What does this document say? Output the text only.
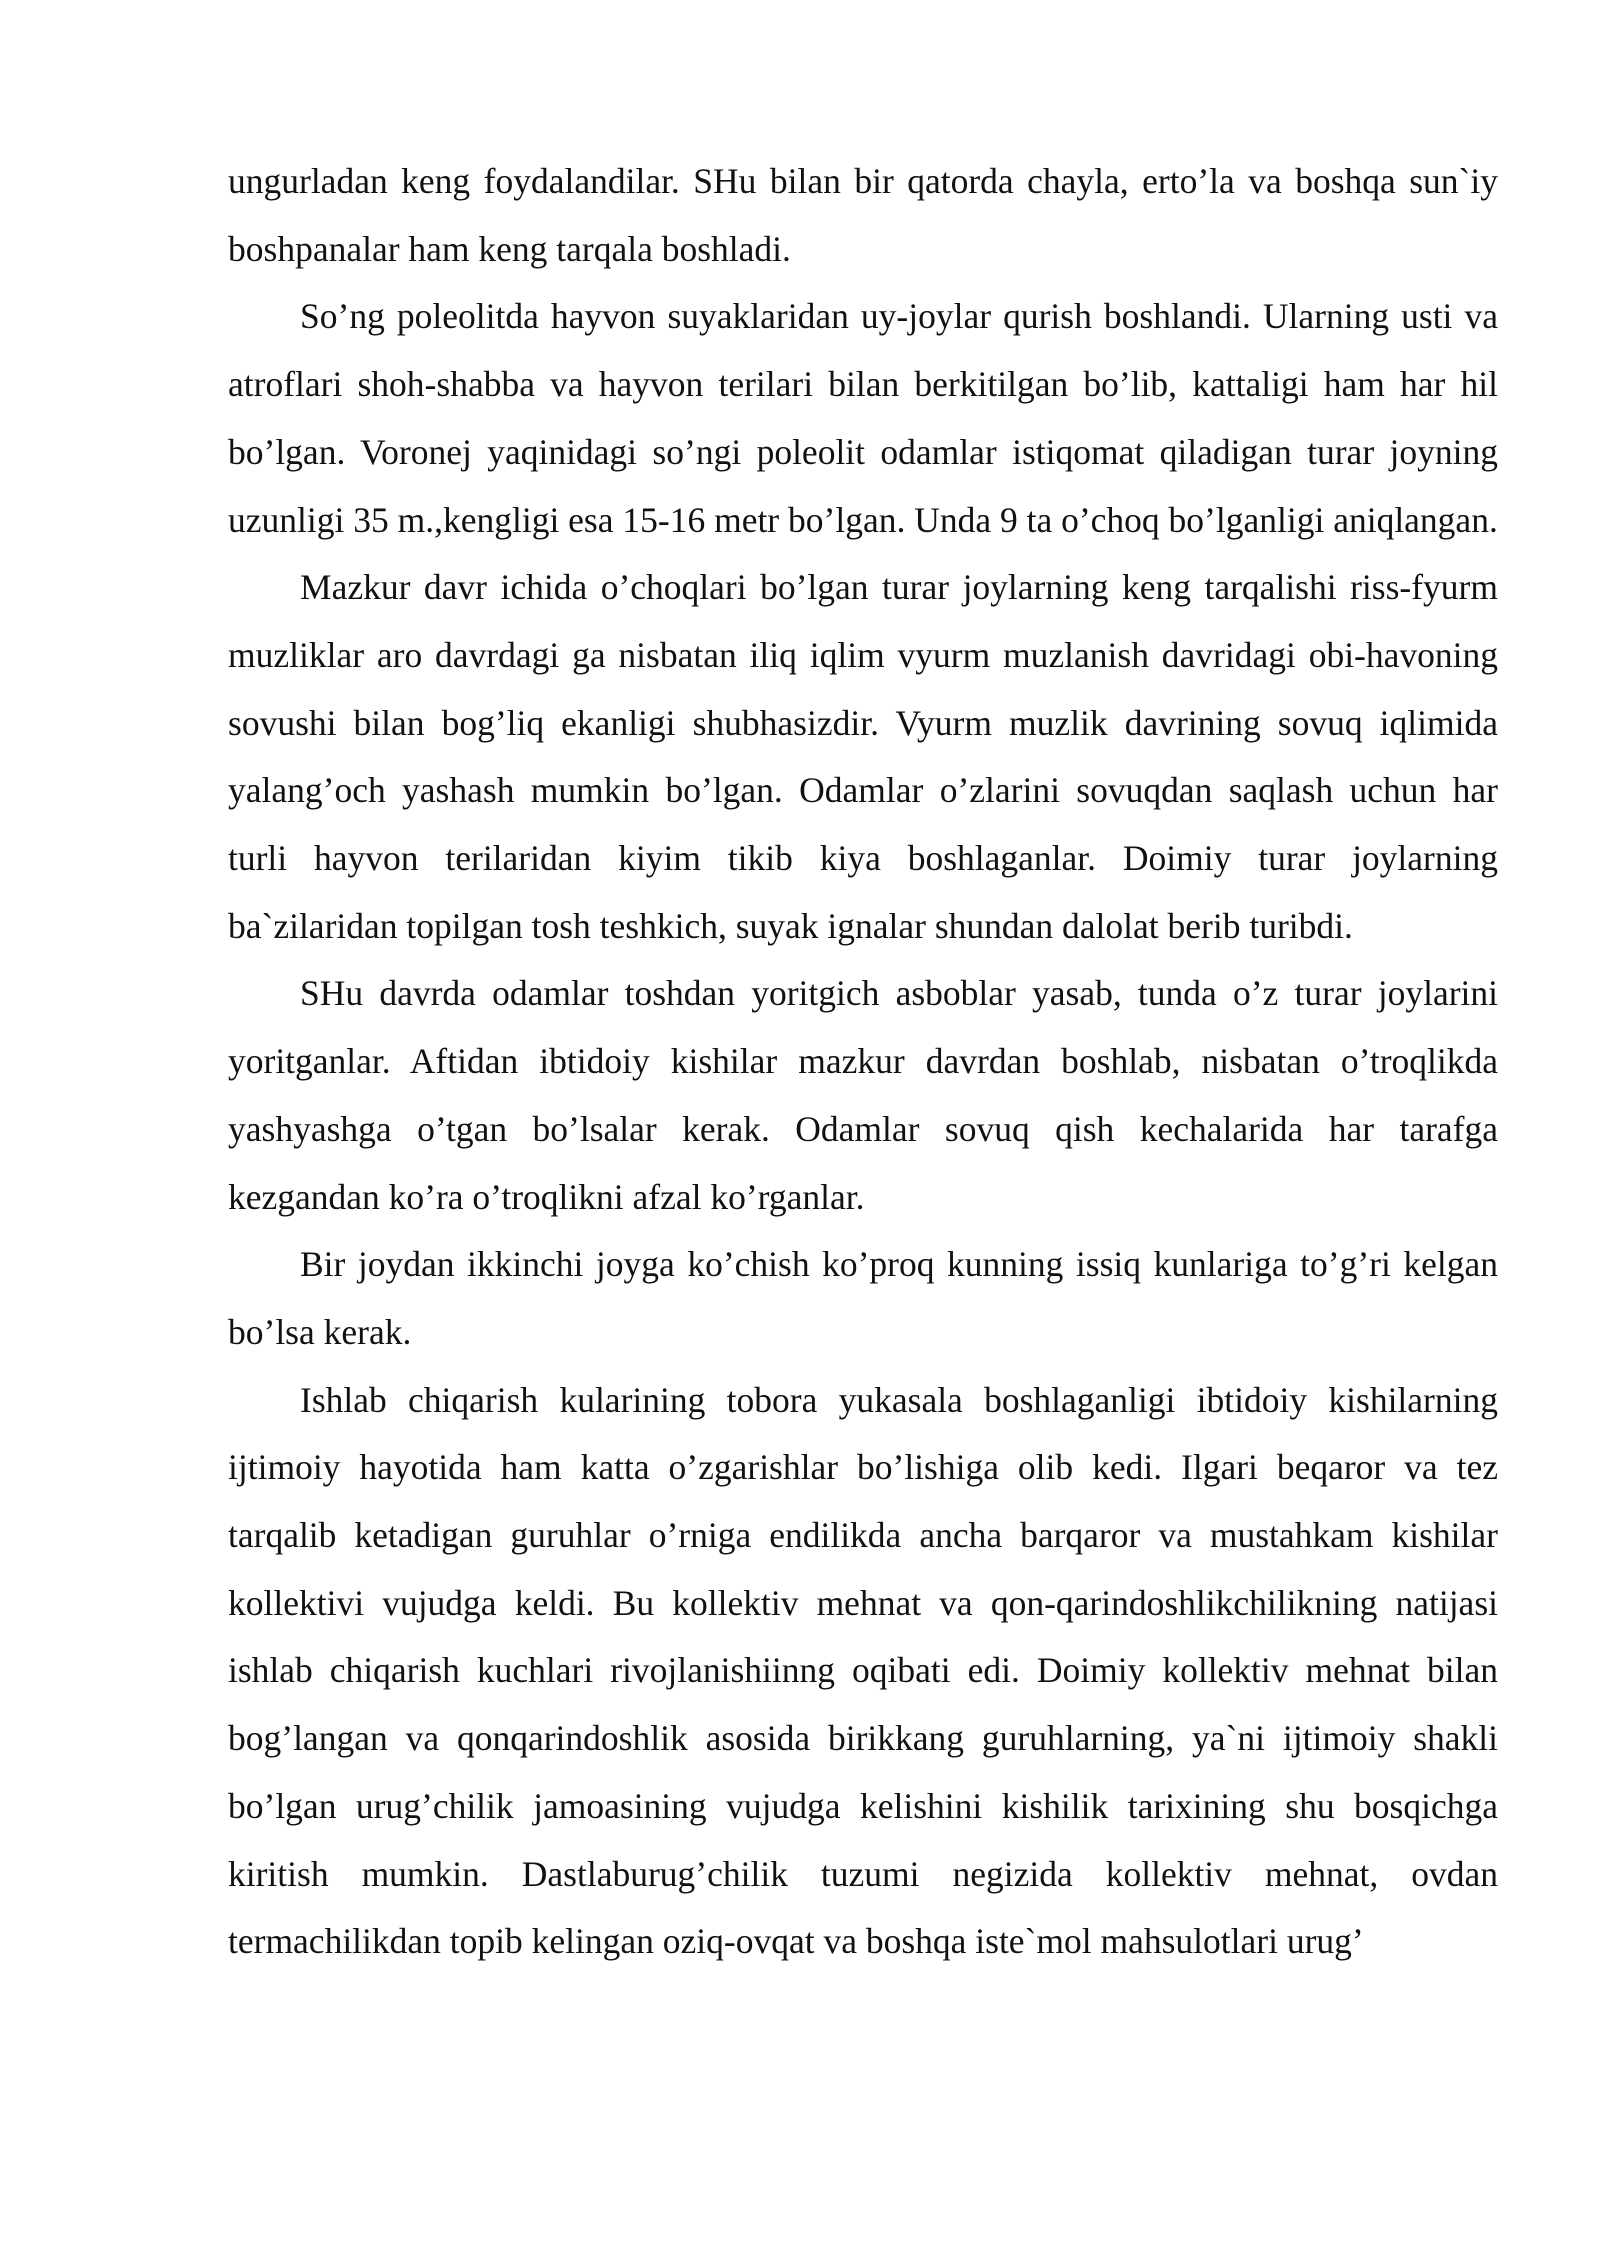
ungurladan keng foydalandilar. SHu bilan bir qatorda chayla, erto’la va boshqa sun`iy boshpanalar ham keng tarqala boshladi.

So’ng poleolitda hayvon suyaklaridan uy-joylar qurish boshlandi. Ularning usti va atroflari shoh-shabba va hayvon terilari bilan berkitilgan bo’lib, kattaligi ham har hil bo’lgan. Voronej yaqinidagi so’ngi poleolit odamlar istiqomat qiladigan turar joyning uzunligi 35 m.,kengligi esa 15-16 metr bo’lgan. Unda 9 ta o’choq bo’lganligi aniqlangan.

Mazkur davr ichida o’choqlari bo’lgan turar joylarning keng tarqalishi riss-fyurm muzliklar aro davrdagi ga nisbatan iliq iqlim vyurm muzlanish davridagi obi-havoning sovushi bilan bog’liq ekanligi shubhasizdir. Vyurm muzlik davrining sovuq iqlimida yalang’och yashash mumkin bo’lgan. Odamlar o’zlarini sovuqdan saqlash uchun har turli hayvon terilaridan kiyim tikib kiya boshlaganlar. Doimiy turar joylarning ba`zilaridan topilgan tosh teshkich, suyak ignalar shundan dalolat berib turibdi.

SHu davrda odamlar toshdan yoritgich asboblar yasab, tunda o’z turar joylarini yoritganlar. Aftidan ibtidoiy kishilar mazkur davrdan boshlab, nisbatan o’troqlikda yashyashga o’tgan bo’lsalar kerak. Odamlar sovuq qish kechalarida har tarafga kezgandan ko’ra o’troqlikni afzal ko’rganlar.

Bir joydan ikkinchi joyga ko’chish ko’proq kunning issiq kunlariga to’g’ri kelgan bo’lsa kerak.

Ishlab chiqarish kularining tobora yukasala boshlaganligi ibtidoiy kishilarning ijtimoiy hayotida ham katta o’zgarishlar bo’lishiga olib kedi. Ilgari beqaror va tez tarqalib ketadigan guruhlar o’rniga endilikda ancha barqaror va mustahkam kishilar kollektivi vujudga keldi. Bu kollektiv mehnat va qon-qarindoshlikchilikning natijasi ishlab chiqarish kuchlari rivojlanishiinng oqibati edi. Doimiy kollektiv mehnat bilan bog’langan va qonqarindoshlik asosida birikkang guruhlarning, ya`ni ijtimoiy shakli bo’lgan urug’chilik jamoasining vujudga kelishini kishilik tarixining shu bosqichga kiritish mumkin. Dastlaburug’chilik tuzumi negizida kollektiv mehnat, ovdan termachilikdan topib kelingan oziq-ovqat va boshqa iste`mol mahsulotlari urug’
